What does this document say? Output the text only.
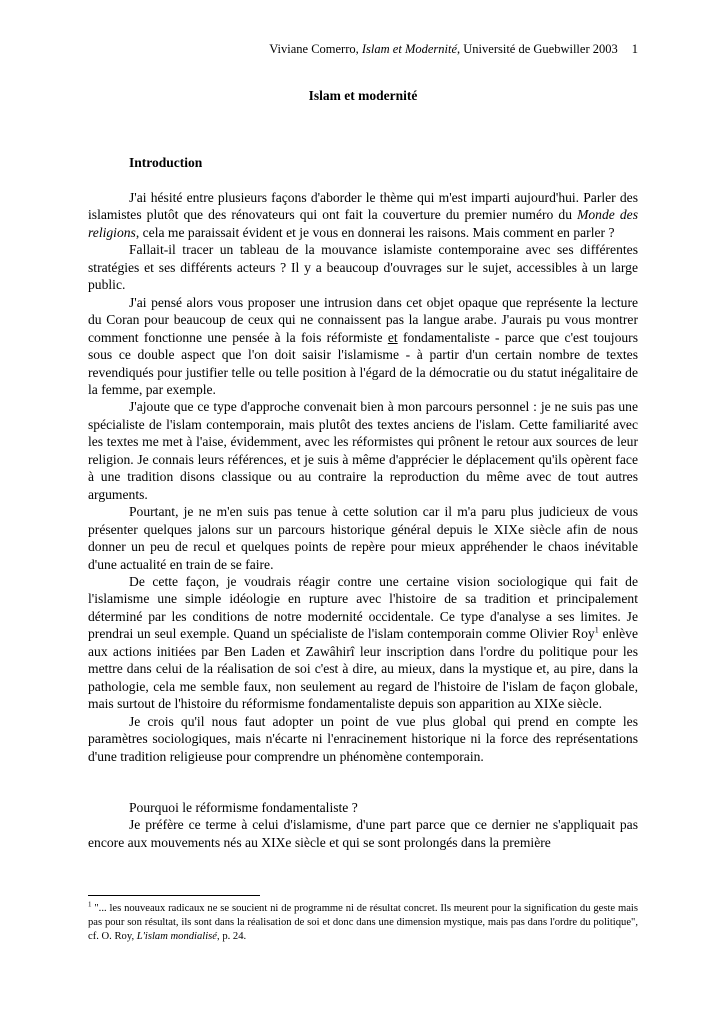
Viviane Comerro, Islam et Modernité, Université de Guebwiller 2003 1
Islam et modernité
Introduction

J'ai hésité entre plusieurs façons d'aborder le thème qui m'est imparti aujourd'hui. Parler des islamistes plutôt que des rénovateurs qui ont fait la couverture du premier numéro du Monde des religions, cela me paraissait évident et je vous en donnerai les raisons. Mais comment en parler ?

Fallait-il tracer un tableau de la mouvance islamiste contemporaine avec ses différentes stratégies et ses différents acteurs ? Il y a beaucoup d'ouvrages sur le sujet, accessibles à un large public.

J'ai pensé alors vous proposer une intrusion dans cet objet opaque que représente la lecture du Coran pour beaucoup de ceux qui ne connaissent pas la langue arabe. J'aurais pu vous montrer comment fonctionne une pensée à la fois réformiste et fondamentaliste - parce que c'est toujours sous ce double aspect que l'on doit saisir l'islamisme - à partir d'un certain nombre de textes revendiqués pour justifier telle ou telle position à l'égard de la démocratie ou du statut inégalitaire de la femme, par exemple.

J'ajoute que ce type d'approche convenait bien à mon parcours personnel : je ne suis pas une spécialiste de l'islam contemporain, mais plutôt des textes anciens de l'islam. Cette familiarité avec les textes me met à l'aise, évidemment, avec les réformistes qui prônent le retour aux sources de leur religion. Je connais leurs références, et je suis à même d'apprécier le déplacement qu'ils opèrent face à une tradition disons classique ou au contraire la reproduction du même avec de tout autres arguments.

Pourtant, je ne m'en suis pas tenue à cette solution car il m'a paru plus judicieux de vous présenter quelques jalons sur un parcours historique général depuis le XIXe siècle afin de nous donner un peu de recul et quelques points de repère pour mieux appréhender le chaos inévitable d'une actualité en train de se faire.

De cette façon, je voudrais réagir contre une certaine vision sociologique qui fait de l'islamisme une simple idéologie en rupture avec l'histoire de sa tradition et principalement déterminé par les conditions de notre modernité occidentale. Ce type d'analyse a ses limites. Je prendrai un seul exemple. Quand un spécialiste de l'islam contemporain comme Olivier Roy$^1$ enlève aux actions initiées par Ben Laden et Zawâhirî leur inscription dans l'ordre du politique pour les mettre dans celui de la réalisation de soi c'est à dire, au mieux, dans la mystique et, au pire, dans la pathologie, cela me semble faux, non seulement au regard de l'histoire de l'islam de façon globale, mais surtout de l'histoire du réformisme fondamentaliste depuis son apparition au XIXe siècle.

Je crois qu'il nous faut adopter un point de vue plus global qui prend en compte les paramètres sociologiques, mais n'écarte ni l'enracinement historique ni la force des représentations d'une tradition religieuse pour comprendre un phénomène contemporain.

Pourquoi le réformisme fondamentaliste ?

Je préfère ce terme à celui d'islamisme, d'une part parce que ce dernier ne s'appliquait pas encore aux mouvements nés au XIXe siècle et qui se sont prolongés dans la première

$^1$ "... les nouveaux radicaux ne se soucient ni de programme ni de résultat concret. Ils meurent pour la signification du geste mais pas pour son résultat, ils sont dans la réalisation de soi et donc dans une dimension mystique, mais pas dans l'ordre du politique", cf. O. Roy, L'islam mondialisé, p. 24.
